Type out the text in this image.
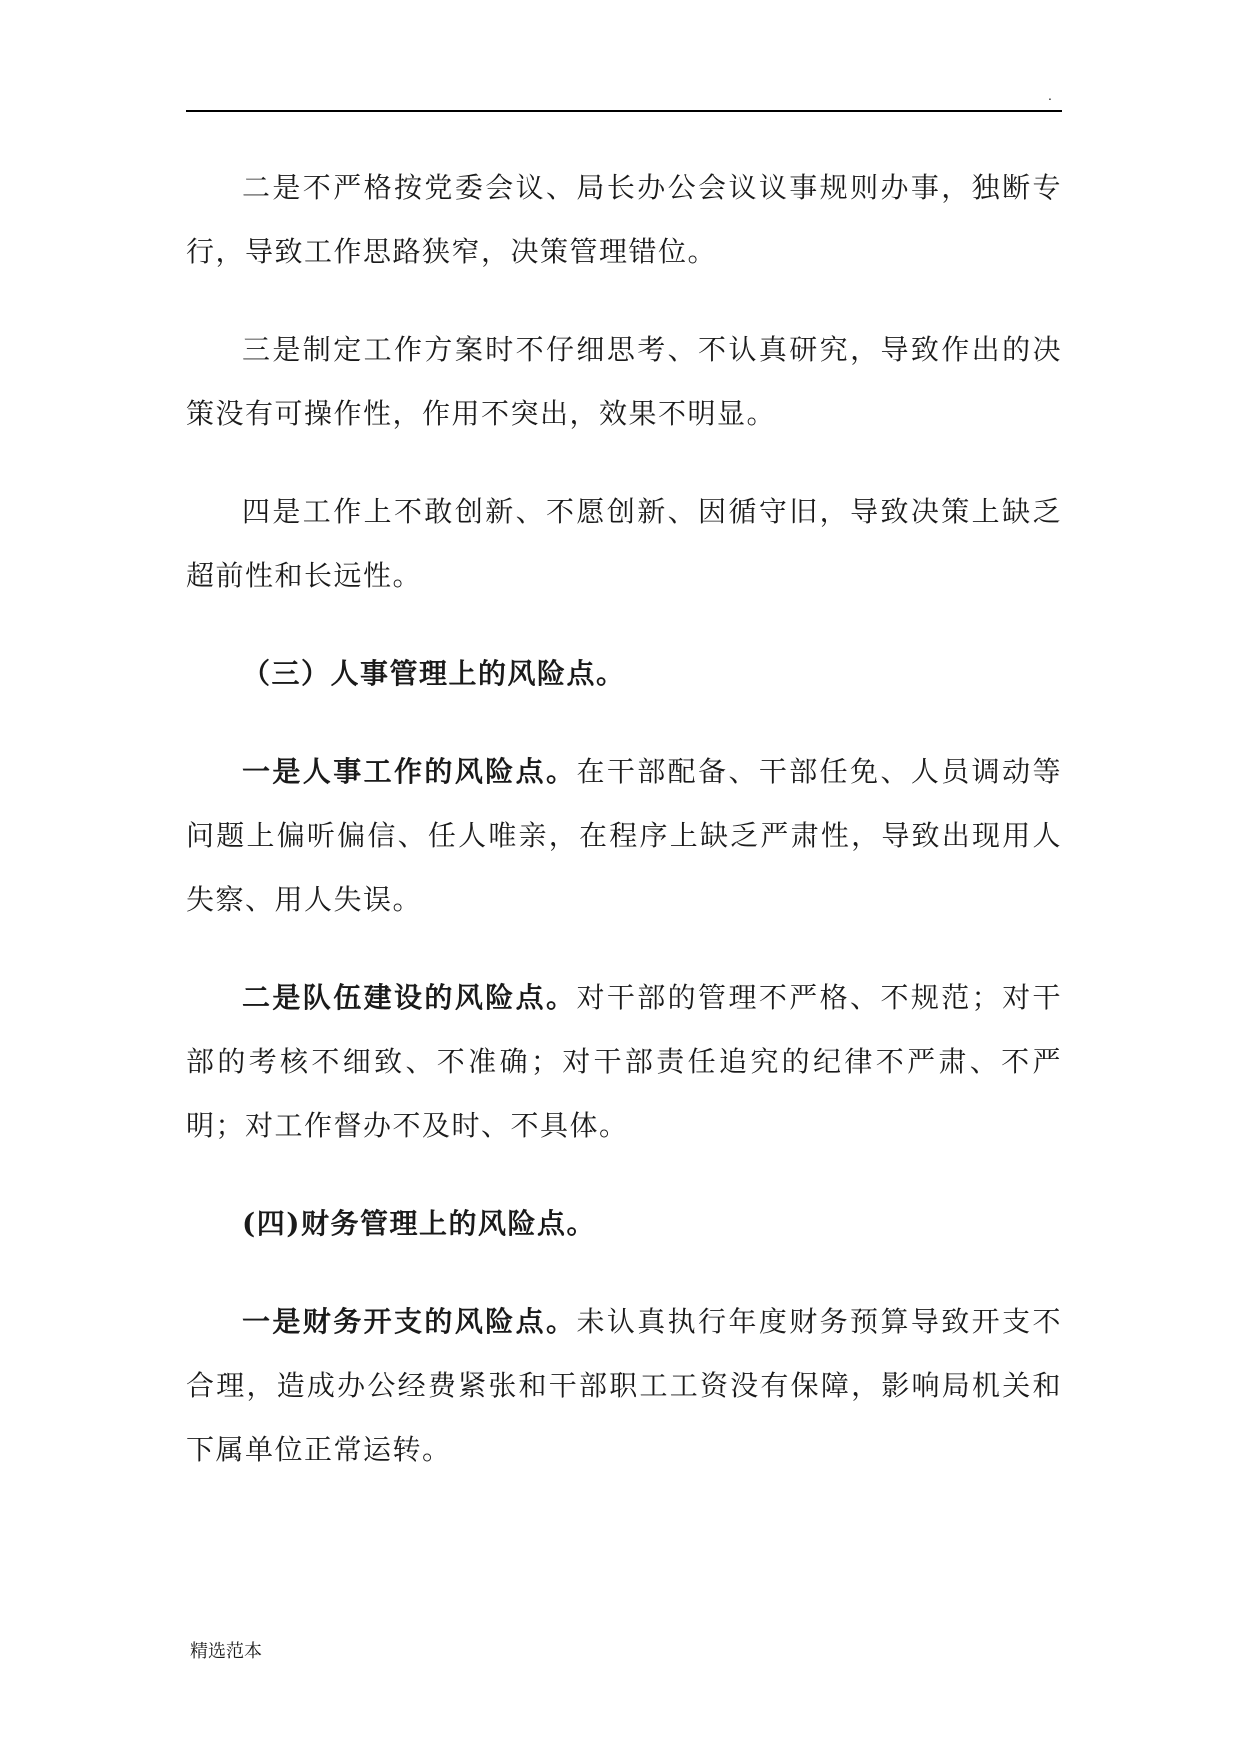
.

二是不严格按党委会议、局长办公会议议事规则办事，独断专行，导致工作思路狭窄，决策管理错位。

三是制定工作方案时不仔细思考、不认真研究，导致作出的决策没有可操作性，作用不突出，效果不明显。

四是工作上不敢创新、不愿创新、因循守旧，导致决策上缺乏超前性和长远性。

（三）人事管理上的风险点。

一是人事工作的风险点。在干部配备、干部任免、人员调动等问题上偏听偏信、任人唯亲，在程序上缺乏严肃性，导致出现用人失察、用人失误。

二是队伍建设的风险点。对干部的管理不严格、不规范；对干部的考核不细致、不准确；对干部责任追究的纪律不严肃、不严明；对工作督办不及时、不具体。

(四)财务管理上的风险点。

一是财务开支的风险点。未认真执行年度财务预算导致开支不合理，造成办公经费紧张和干部职工工资没有保障，影响局机关和下属单位正常运转。

精选范本
